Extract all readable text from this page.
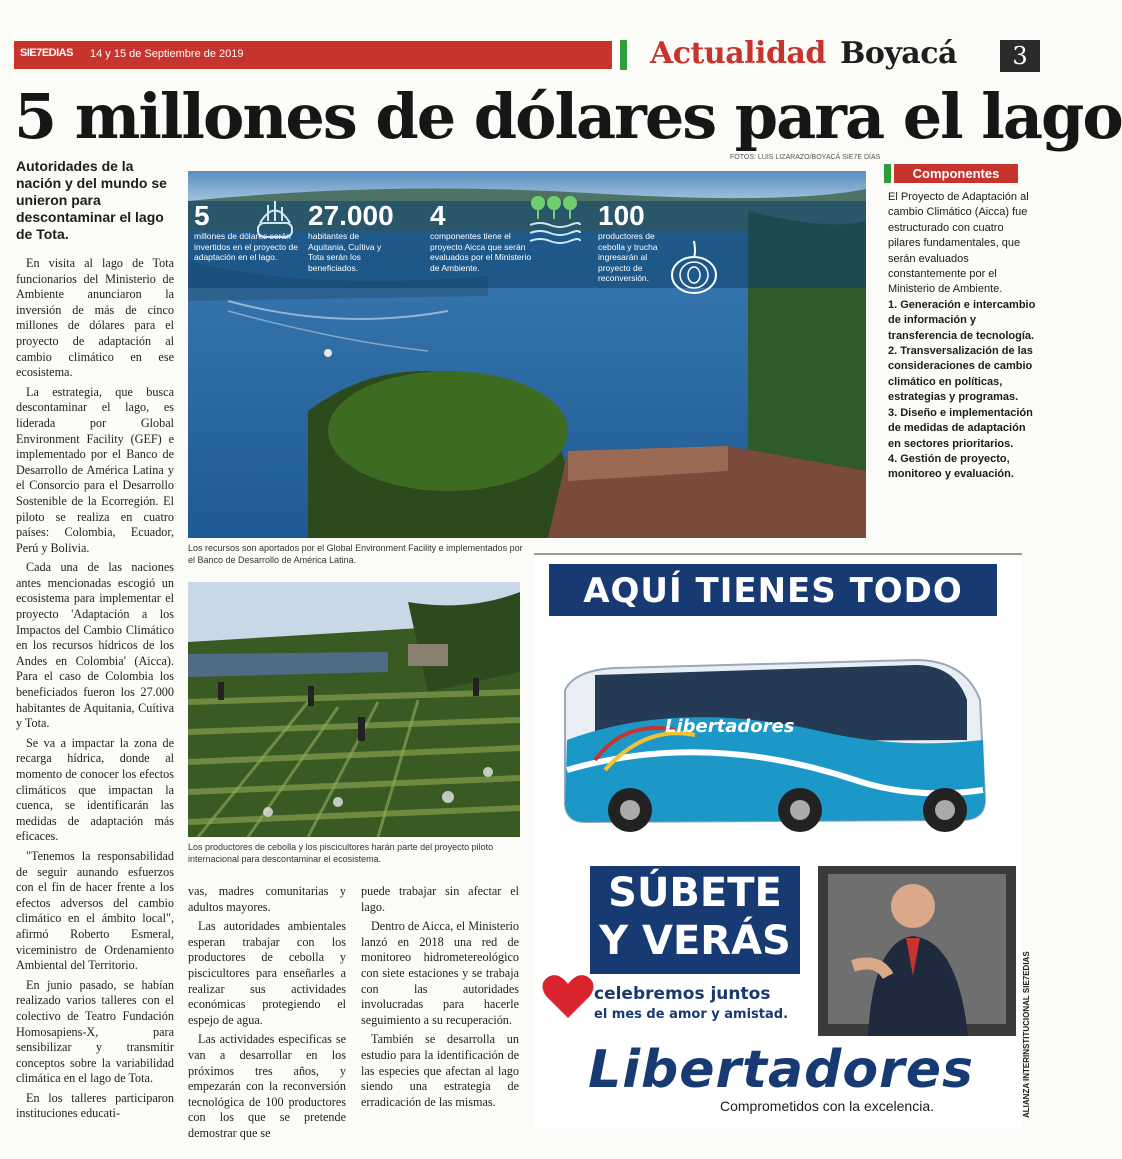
SIE7EDIAS 14 y 15 de Septiembre de 2019	Actualidad Boyacá	3
5 millones de dólares para el lago
FOTOS: LUIS LIZARAZO/BOYACÁ SIE7E DÍAS
Autoridades de la nación y del mundo se unieron para descontaminar el lago de Tota.

En visita al lago de Tota funcionarios del Ministerio de Ambiente anunciaron la inversión de más de cinco millones de dólares para el proyecto de adaptación al cambio climático en ese ecosistema.

La estrategia, que busca descontaminar el lago, es liderada por Global Environment Facility (GEF) e implementado por el Banco de Desarrollo de América Latina y el Consorcio para el Desarrollo Sostenible de la Ecorregión. El piloto se realiza en cuatro países: Colombia, Ecuador, Perú y Bolivia.

Cada una de las naciones antes mencionadas escogió un ecosistema para implementar el proyecto 'Adaptación a los Impactos del Cambio Climático en los recursos hídricos de los Andes en Colombia' (Aicca). Para el caso de Colombia los beneficiados fueron los 27.000 habitantes de Aquitania, Cuítiva y Tota.

Se va a impactar la zona de recarga hídrica, donde al momento de conocer los efectos climáticos que impactan la cuenca, se identificarán las medidas de adaptación más eficaces.

"Tenemos la responsabilidad de seguir aunando esfuerzos con el fin de hacer frente a los efectos adversos del cambio climático en el ámbito local", afirmó Roberto Esmeral, viceministro de Ordenamiento Ambiental del Territorio.

En junio pasado, se habían realizado varios talleres con el colectivo de Teatro Fundación Homosapiens-X, para sensibilizar y transmitir conceptos sobre la variabilidad climática en el lago de Tota.

En los talleres participaron instituciones educati-

5
millones de dólares serán invertidos en el proyecto de adaptación en el lago.
27.000
habitantes de Aquitania, Cuítiva y Tota serán los beneficiados.
4
componentes tiene el proyecto Aicca que serán evaluados por el Ministerio de Ambiente.
100
productores de cebolla y trucha ingresarán al proyecto de reconversión.
Los recursos son aportados por el Global Environment Facility e implementados por el Banco de Desarrollo de América Latina.
Componentes

El Proyecto de Adaptación al cambio Climático (Aicca) fue estructurado con cuatro pilares fundamentales, que serán evaluados constantemente por el Ministerio de Ambiente.

1. Generación e intercambio de información y transferencia de tecnología.

2. Transversalización de las consideraciones de cambio climático en políticas, estrategias y programas.

3. Diseño e implementación de medidas de adaptación en sectores prioritarios.

4. Gestión de proyecto, monitoreo y evaluación.

Los productores de cebolla y los piscicultores harán parte del proyecto piloto internacional para descontaminar el ecosistema.

vas, madres comunitarias y adultos mayores.

Las autoridades ambientales esperan trabajar con los productores de cebolla y piscicultores para enseñarles a realizar sus actividades económicas protegiendo el espejo de agua.

Las actividades especificas se van a desarrollar en los próximos tres años, y empezarán con la reconversión tecnológica de 100 productores con los que se pretende demostrar que se

puede trabajar sin afectar el lago.

Dentro de Aicca, el Ministerio lanzó en 2018 una red de monitoreo hidrometereológico con siete estaciones y se trabaja con las autoridades involucradas para hacerle seguimiento a su recuperación.

También se desarrolla un estudio para la identificación de las especies que afectan al lago siendo una estrategia de erradicación de las mismas.

AQUÍ TIENES TODO
Libertadores
SÚBETE
Y VERÁS
celebremos juntos
el mes de amor y amistad.
Libertadores
Comprometidos con la excelencia.	ALIANZA INTERINSTITUCIONAL SIE7EDIAS
